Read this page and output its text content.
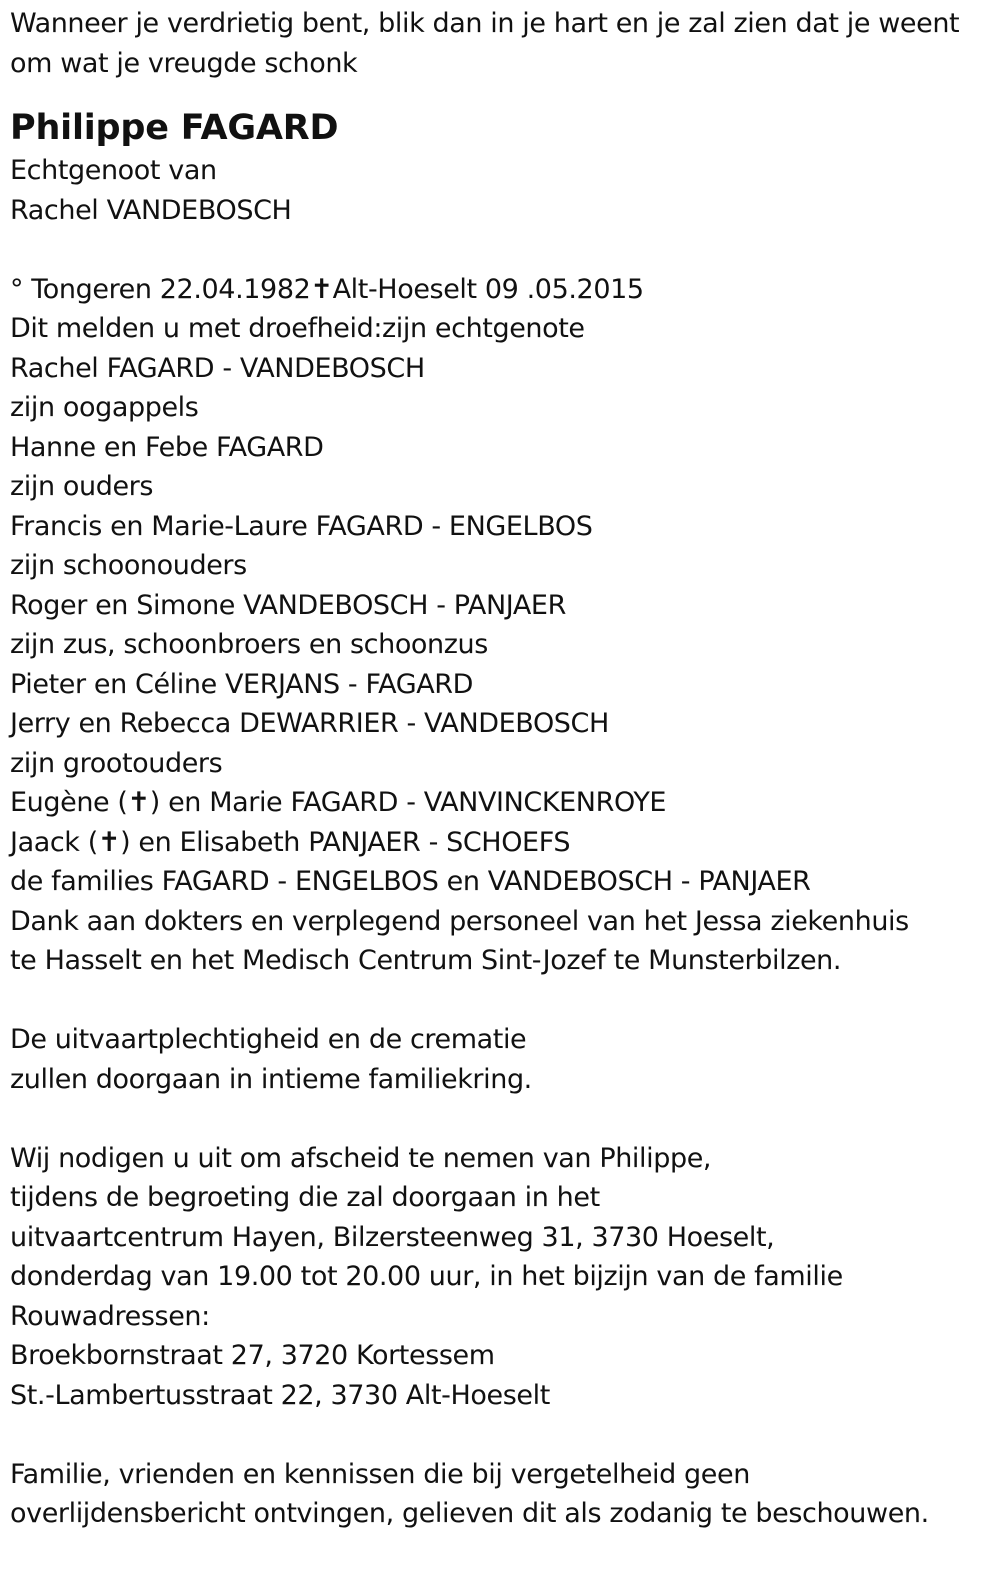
Wanneer je verdrietig bent, blik dan in je hart en je zal zien dat je weent
om wat je vreugde schonk
Philippe FAGARD
Echtgenoot van
Rachel VANDEBOSCH
° Tongeren 22.04.1982✝Alt-Hoeselt 09 .05.2015
Dit melden u met droefheid:zijn echtgenote
Rachel FAGARD - VANDEBOSCH
zijn oogappels
Hanne en Febe FAGARD
zijn ouders
Francis en Marie-Laure FAGARD - ENGELBOS
zijn schoonouders
Roger en Simone VANDEBOSCH - PANJAER
zijn zus, schoonbroers en schoonzus
Pieter en Céline VERJANS - FAGARD
Jerry en Rebecca DEWARRIER - VANDEBOSCH
zijn grootouders
Eugène (✝) en Marie FAGARD - VANVINCKENROYE
Jaack (✝) en Elisabeth PANJAER - SCHOEFS
de families FAGARD - ENGELBOS en VANDEBOSCH - PANJAER
Dank aan dokters en verplegend personeel van het Jessa ziekenhuis
te Hasselt en het Medisch Centrum Sint-Jozef te Munsterbilzen.
De uitvaartplechtigheid en de crematie
zullen doorgaan in intieme familiekring.
Wij nodigen u uit om afscheid te nemen van Philippe,
tijdens de begroeting die zal doorgaan in het
uitvaartcentrum Hayen, Bilzersteenweg 31, 3730 Hoeselt,
donderdag van 19.00 tot 20.00 uur, in het bijzijn van de familie
Rouwadressen:
Broekbornstraat 27, 3720 Kortessem
St.-Lambertusstraat 22, 3730 Alt-Hoeselt
Familie, vrienden en kennissen die bij vergetelheid geen
overlijdensbericht ontvingen, gelieven dit als zodanig te beschouwen.
